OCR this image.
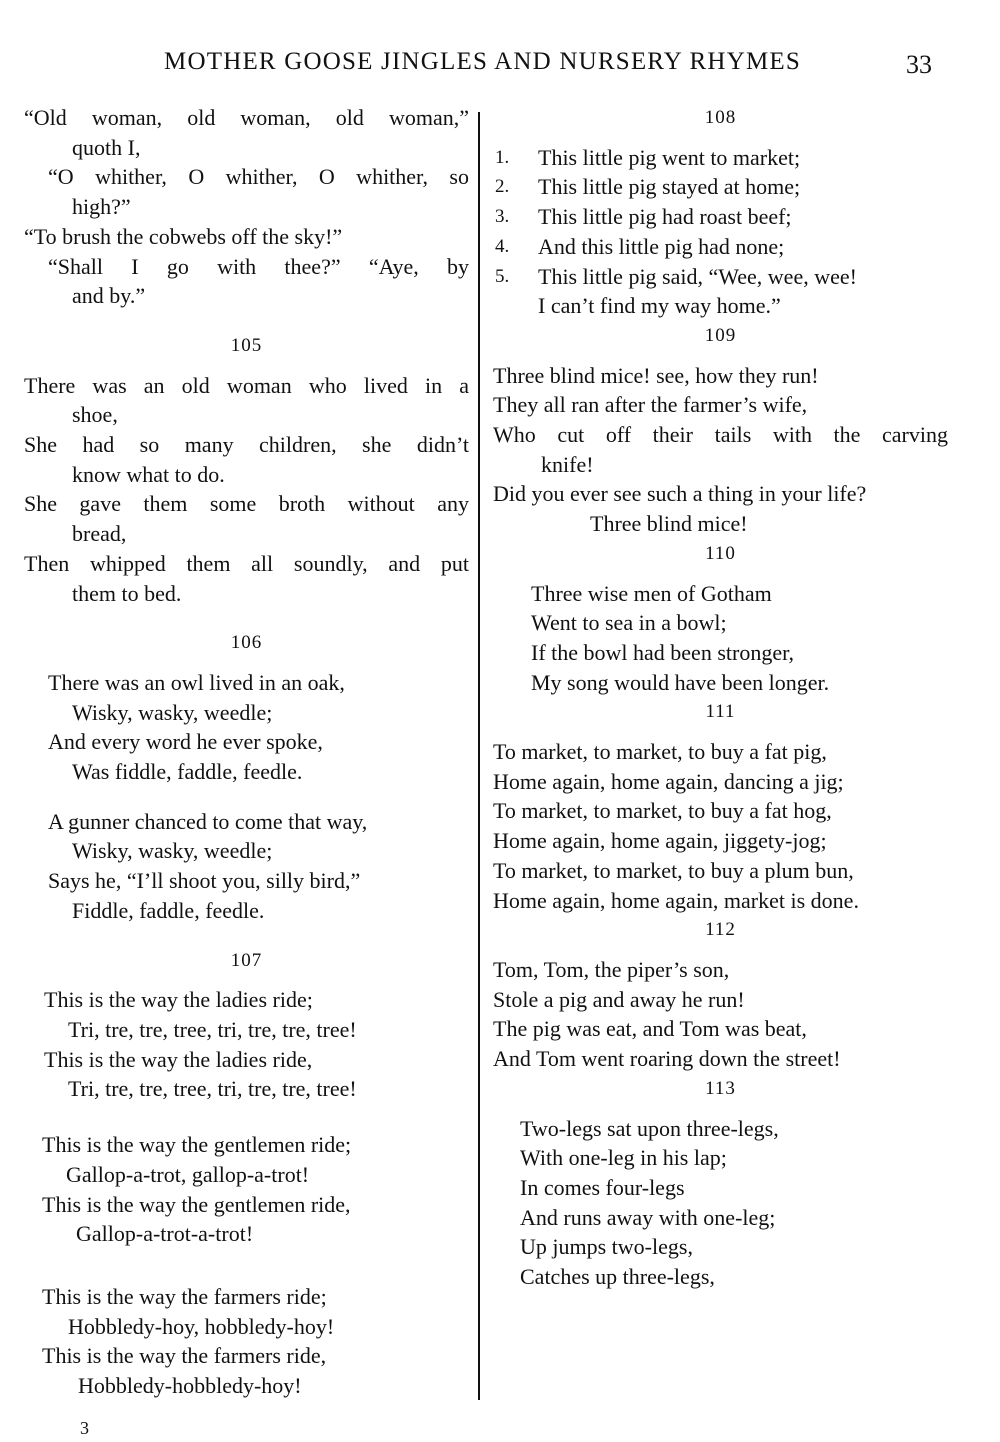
MOTHER GOOSE JINGLES AND NURSERY RHYMES	33
“Old woman, old woman, old woman,”
quoth I,
“O whither, O whither, O whither, so
high?”
“To brush the cobwebs off the sky!”
“Shall I go with thee?” “Aye, by
and by.”
105
There was an old woman who lived in a
shoe,
She had so many children, she didn’t
know what to do.
She gave them some broth without any
bread,
Then whipped them all soundly, and put
them to bed.
106
There was an owl lived in an oak,
Wisky, wasky, weedle;
And every word he ever spoke,
Was fiddle, faddle, feedle.
A gunner chanced to come that way,
Wisky, wasky, weedle;
Says he, “I’ll shoot you, silly bird,”
Fiddle, faddle, feedle.
107
This is the way the ladies ride;
Tri, tre, tre, tree, tri, tre, tre, tree!
This is the way the ladies ride,
Tri, tre, tre, tree, tri, tre, tre, tree!
This is the way the gentlemen ride;
Gallop-a-trot, gallop-a-trot!
This is the way the gentlemen ride,
Gallop-a-trot-a-trot!
This is the way the farmers ride;
Hobbledy-hoy, hobbledy-hoy!
This is the way the farmers ride,
Hobbledy-hobbledy-hoy!
108
1. This little pig went to market;
2. This little pig stayed at home;
3. This little pig had roast beef;
4. And this little pig had none;
5. This little pig said, “Wee, wee, wee!
I can’t find my way home.”
109
Three blind mice! see, how they run!
They all ran after the farmer’s wife,
Who cut off their tails with the carving
knife!
Did you ever see such a thing in your life?
Three blind mice!
110
Three wise men of Gotham
Went to sea in a bowl;
If the bowl had been stronger,
My song would have been longer.
111
To market, to market, to buy a fat pig,
Home again, home again, dancing a jig;
To market, to market, to buy a fat hog,
Home again, home again, jiggety-jog;
To market, to market, to buy a plum bun,
Home again, home again, market is done.
112
Tom, Tom, the piper’s son,
Stole a pig and away he run!
The pig was eat, and Tom was beat,
And Tom went roaring down the street!
113
Two-legs sat upon three-legs,
With one-leg in his lap;
In comes four-legs
And runs away with one-leg;
Up jumps two-legs,
Catches up three-legs,
3
